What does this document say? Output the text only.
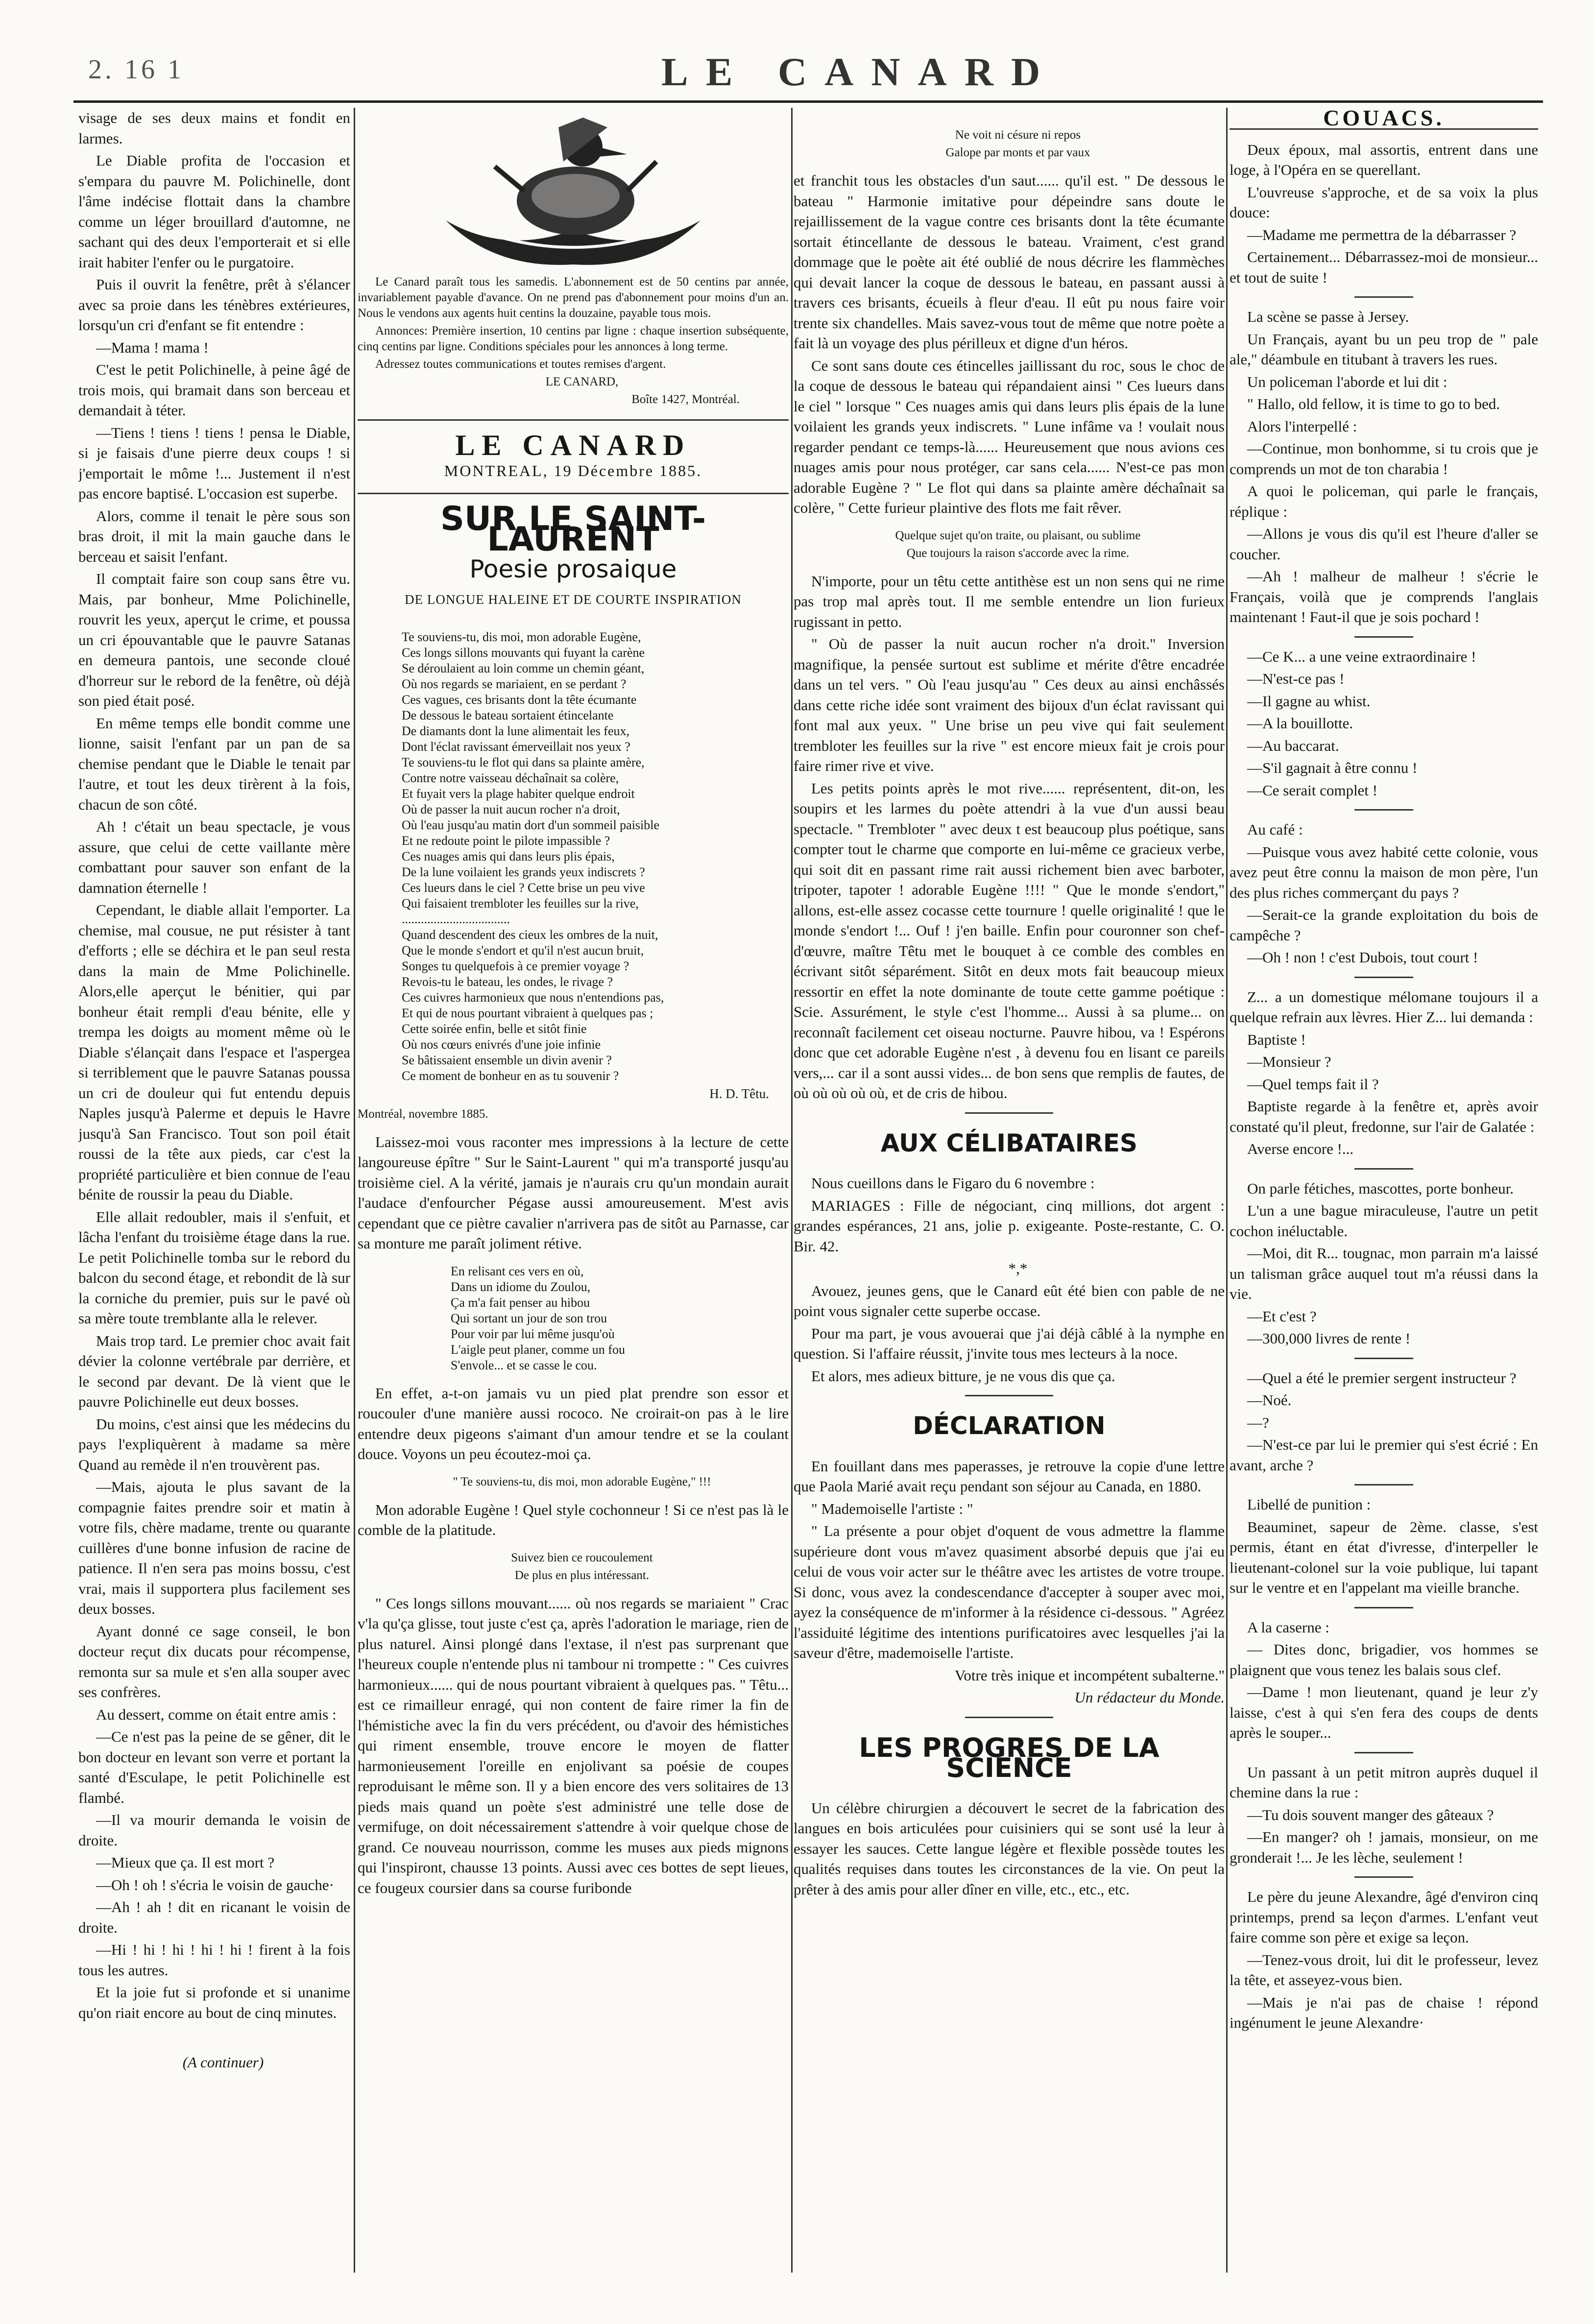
2. 16 1	LE CANARD

visage de ses deux mains et fondit en larmes.

Le Diable profita de l'occasion et s'empara du pauvre M. Polichinelle, dont l'âme indécise flottait dans la chambre comme un léger brouillard d'automne, ne sachant qui des deux l'emporterait et si elle irait habiter l'enfer ou le purgatoire.

Puis il ouvrit la fenêtre, prêt à s'élancer avec sa proie dans les ténèbres extérieures, lorsqu'un cri d'enfant se fit entendre :

—Mama ! mama !

C'est le petit Polichinelle, à peine âgé de trois mois, qui bramait dans son berceau et demandait à téter.

—Tiens ! tiens ! tiens ! pensa le Diable, si je faisais d'une pierre deux coups ! si j'emportait le môme !... Justement il n'est pas encore baptisé. L'occasion est superbe.

Alors, comme il tenait le père sous son bras droit, il mit la main gauche dans le berceau et saisit l'enfant.

Il comptait faire son coup sans être vu. Mais, par bonheur, Mme Polichinelle, rouvrit les yeux, aperçut le crime, et poussa un cri épouvantable que le pauvre Satanas en demeura pantois, une seconde cloué d'horreur sur le rebord de la fenêtre, où déjà son pied était posé.

En même temps elle bondit comme une lionne, saisit l'enfant par un pan de sa chemise pendant que le Diable le tenait par l'autre, et tout les deux tirèrent à la fois, chacun de son côté.

Ah ! c'était un beau spectacle, je vous assure, que celui de cette vaillante mère combattant pour sauver son enfant de la damnation éternelle !

Cependant, le diable allait l'emporter. La chemise, mal cousue, ne put résister à tant d'efforts ; elle se déchira et le pan seul resta dans la main de Mme Polichinelle. Alors,elle aperçut le bénitier, qui par bonheur était rempli d'eau bénite, elle y trempa les doigts au moment même où le Diable s'élançait dans l'espace et l'aspergea si terriblement que le pauvre Satanas poussa un cri de douleur qui fut entendu depuis Naples jusqu'à Palerme et depuis le Havre jusqu'à San Francisco. Tout son poil était roussi de la tête aux pieds, car c'est la propriété particulière et bien connue de l'eau bénite de roussir la peau du Diable.

Elle allait redoubler, mais il s'enfuit, et lâcha l'enfant du troisième étage dans la rue. Le petit Polichinelle tomba sur le rebord du balcon du second étage, et rebondit de là sur la corniche du premier, puis sur le pavé où sa mère toute tremblante alla le relever.

Mais trop tard. Le premier choc avait fait dévier la colonne vertébrale par derrière, et le second par devant. De là vient que le pauvre Polichinelle eut deux bosses.

Du moins, c'est ainsi que les médecins du pays l'expliquèrent à madame sa mère Quand au remède il n'en trouvèrent pas.

—Mais, ajouta le plus savant de la compagnie faites prendre soir et matin à votre fils, chère madame, trente ou quarante cuillères d'une bonne infusion de racine de patience. Il n'en sera pas moins bossu, c'est vrai, mais il supportera plus facilement ses deux bosses.

Ayant donné ce sage conseil, le bon docteur reçut dix ducats pour récompense, remonta sur sa mule et s'en alla souper avec ses confrères.

Au dessert, comme on était entre amis :

—Ce n'est pas la peine de se gêner, dit le bon docteur en levant son verre et portant la santé d'Esculape, le petit Polichinelle est flambé.

—Il va mourir demanda le voisin de droite.

—Mieux que ça. Il est mort ?

—Oh ! oh ! s'écria le voisin de gauche·

—Ah ! ah ! dit en ricanant le voisin de droite.

—Hi ! hi ! hi ! hi ! hi ! firent à la fois tous les autres.

Et la joie fut si profonde et si unanime qu'on riait encore au bout de cinq minutes.

(A continuer)

Le Canard paraît tous les samedis. L'abonnement est de 50 centins par année, invariablement payable d'avance. On ne prend pas d'abonnement pour moins d'un an. Nous le vendons aux agents huit centins la douzaine, payable tous mois.

Annonces: Première insertion, 10 centins par ligne : chaque insertion subséquente, cinq centins par ligne. Conditions spéciales pour les annonces à long terme.

Adressez toutes communications et toutes remises d'argent.

LE CANARD,

Boîte 1427, Montréal.

LE CANARD
MONTREAL, 19 Décembre 1885.
SUR LE SAINT-LAURENT
Poesie prosaique
DE LONGUE HALEINE ET DE COURTE INSPIRATION
Te souviens-tu, dis moi, mon adorable Eugène,
Ces longs sillons mouvants qui fuyant la carène
Se déroulaient au loin comme un chemin géant,
Où nos regards se mariaient, en se perdant ?
Ces vagues, ces brisants dont la tête écumante
De dessous le bateau sortaient étincelante
De diamants dont la lune alimentait les feux,
Dont l'éclat ravissant émerveillait nos yeux ?
Te souviens-tu le flot qui dans sa plainte amère,
Contre notre vaisseau déchaînait sa colère,
Et fuyait vers la plage habiter quelque endroit
Où de passer la nuit aucun rocher n'a droit,
Où l'eau jusqu'au matin dort d'un sommeil paisible
Et ne redoute point le pilote impassible ?
Ces nuages amis qui dans leurs plis épais,
De la lune voilaient les grands yeux indiscrets ?
Ces lueurs dans le ciel ? Cette brise un peu vive
Qui faisaient trembloter les feuilles sur la rive,
..................................
Quand descendent des cieux les ombres de la nuit,
Que le monde s'endort et qu'il n'est aucun bruit,
Songes tu quelquefois à ce premier voyage ?
Revois-tu le bateau, les ondes, le rivage ?
Ces cuivres harmonieux que nous n'entendions pas,
Et qui de nous pourtant vibraient à quelques pas ;
Cette soirée enfin, belle et sitôt finie
Où nos cœurs enivrés d'une joie infinie
Se bâtissaient ensemble un divin avenir ?
Ce moment de bonheur en as tu souvenir ?

H. D. Têtu.

Montréal, novembre 1885.

Laissez-moi vous raconter mes impressions à la lecture de cette langoureuse épître " Sur le Saint-Laurent " qui m'a transporté jusqu'au troisième ciel. A la vérité, jamais je n'aurais cru qu'un mondain aurait l'audace d'enfourcher Pégase aussi amoureusement. M'est avis cependant que ce piètre cavalier n'arrivera pas de sitôt au Parnasse, car sa monture me paraît joliment rétive.

En relisant ces vers en où,
Dans un idiome du Zoulou,
Ça m'a fait penser au hibou
Qui sortant un jour de son trou
Pour voir par lui même jusqu'où
L'aigle peut planer, comme un fou
S'envole... et se casse le cou.

En effet, a-t-on jamais vu un pied plat prendre son essor et roucouler d'une manière aussi rococo. Ne croirait-on pas à le lire entendre deux pigeons s'aimant d'un amour tendre et se la coulant douce. Voyons un peu écoutez-moi ça.

" Te souviens-tu, dis moi, mon adorable Eugène," !!!

Mon adorable Eugène ! Quel style cochonneur ! Si ce n'est pas là le comble de la platitude.

Suivez bien ce roucoulement

De plus en plus intéressant.

" Ces longs sillons mouvant...... où nos regards se mariaient " Crac v'la qu'ça glisse, tout juste c'est ça, après l'adoration le mariage, rien de plus naturel. Ainsi plongé dans l'extase, il n'est pas surprenant que l'heureux couple n'entende plus ni tambour ni trompette : " Ces cuivres harmonieux...... qui de nous pourtant vibraient à quelques pas. " Têtu... est ce rimailleur enragé, qui non content de faire rimer la fin de l'hémistiche avec la fin du vers précédent, ou d'avoir des hémistiches qui riment ensemble, trouve encore le moyen de flatter harmonieusement l'oreille en enjolivant sa poésie de coupes reproduisant le même son. Il y a bien encore des vers solitaires de 13 pieds mais quand un poète s'est administré une telle dose de vermifuge, on doit nécessairement s'attendre à voir quelque chose de grand. Ce nouveau nourrisson, comme les muses aux pieds mignons qui l'inspiront, chausse 13 points. Aussi avec ces bottes de sept lieues, ce fougeux coursier dans sa course furibonde

Ne voit ni césure ni repos

Galope par monts et par vaux

et franchit tous les obstacles d'un saut...... qu'il est. " De dessous le bateau " Harmonie imitative pour dépeindre sans doute le rejaillissement de la vague contre ces brisants dont la tête écumante sortait étincellante de dessous le bateau. Vraiment, c'est grand dommage que le poète ait été oublié de nous décrire les flammèches qui devait lancer la coque de dessous le bateau, en passant aussi à travers ces brisants, écueils à fleur d'eau. Il eût pu nous faire voir trente six chandelles. Mais savez-vous tout de même que notre poète a fait là un voyage des plus périlleux et digne d'un héros.

Ce sont sans doute ces étincelles jaillissant du roc, sous le choc de la coque de dessous le bateau qui répandaient ainsi " Ces lueurs dans le ciel " lorsque " Ces nuages amis qui dans leurs plis épais de la lune voilaient les grands yeux indiscrets. " Lune infâme va ! voulait nous regarder pendant ce temps-là...... Heureusement que nous avions ces nuages amis pour nous protéger, car sans cela...... N'est-ce pas mon adorable Eugène ? " Le flot qui dans sa plainte amère déchaînait sa colère, " Cette furieur plaintive des flots me fait rêver.

Quelque sujet qu'on traite, ou plaisant, ou sublime

Que toujours la raison s'accorde avec la rime.

N'importe, pour un têtu cette antithèse est un non sens qui ne rime pas trop mal après tout. Il me semble entendre un lion furieux rugissant in petto.

" Où de passer la nuit aucun rocher n'a droit." Inversion magnifique, la pensée surtout est sublime et mérite d'être encadrée dans un tel vers. " Où l'eau jusqu'au " Ces deux au ainsi enchâssés dans cette riche idée sont vraiment des bijoux d'un éclat ravissant qui font mal aux yeux. " Une brise un peu vive qui fait seulement trembloter les feuilles sur la rive " est encore mieux fait je crois pour faire rimer rive et vive.

Les petits points après le mot rive...... représentent, dit-on, les soupirs et les larmes du poète attendri à la vue d'un aussi beau spectacle. " Trembloter " avec deux t est beaucoup plus poétique, sans compter tout le charme que comporte en lui-même ce gracieux verbe, qui soit dit en passant rime rait aussi richement bien avec barboter, tripoter, tapoter ! adorable Eugène !!!! " Que le monde s'endort," allons, est-elle assez cocasse cette tournure ! quelle originalité ! que le monde s'endort !... Ouf ! j'en baille. Enfin pour couronner son chef-d'œuvre, maître Têtu met le bouquet à ce comble des combles en écrivant sitôt séparément. Sitôt en deux mots fait beaucoup mieux ressortir en effet la note dominante de toute cette gamme poétique : Scie. Assurément, le style c'est l'homme... Aussi à sa plume... on reconnaît facilement cet oiseau nocturne. Pauvre hibou, va ! Espérons donc que cet adorable Eugène n'est , à devenu fou en lisant ce pareils vers,... car il a sont aussi vides... de bon sens que remplis de fautes, de où où où où où, et de cris de hibou.

AUX CÉLIBATAIRES

Nous cueillons dans le Figaro du 6 novembre :

MARIAGES : Fille de négociant, cinq millions, dot argent : grandes espérances, 21 ans, jolie p. exigeante. Poste-restante, C. O. Bir. 42.

*,*

Avouez, jeunes gens, que le Canard eût été bien con pable de ne point vous signaler cette superbe occase.

Pour ma part, je vous avouerai que j'ai déjà câblé à la nymphe en question. Si l'affaire réussit, j'invite tous mes lecteurs à la noce.

Et alors, mes adieux bitture, je ne vous dis que ça.

DÉCLARATION

En fouillant dans mes paperasses, je retrouve la copie d'une lettre que Paola Marié avait reçu pendant son séjour au Canada, en 1880.

" Mademoiselle l'artiste : "

" La présente a pour objet d'oquent de vous admettre la flamme supérieure dont vous m'avez quasiment absorbé depuis que j'ai eu celui de vous voir acter sur le théâtre avec les artistes de votre troupe. Si donc, vous avez la condescendance d'accepter à souper avec moi, ayez la conséquence de m'informer à la résidence ci-dessous. " Agréez l'assiduité légitime des intentions purificatoires avec lesquelles j'ai la saveur d'être, mademoiselle l'artiste.

Votre très inique et incompétent subalterne."

Un rédacteur du Monde.

LES PROGRES DE LA SCIENCE

Un célèbre chirurgien a découvert le secret de la fabrication des langues en bois articulées pour cuisiniers qui se sont usé la leur à essayer les sauces. Cette langue légère et flexible possède toutes les qualités requises dans toutes les circonstances de la vie. On peut la prêter à des amis pour aller dîner en ville, etc., etc., etc.

COUACS.

Deux époux, mal assortis, entrent dans une loge, à l'Opéra en se querellant.

L'ouvreuse s'approche, et de sa voix la plus douce:

—Madame me permettra de la débarrasser ?

Certainement... Débarrassez-moi de monsieur... et tout de suite !

La scène se passe à Jersey.

Un Français, ayant bu un peu trop de " pale ale," déambule en titubant à travers les rues.

Un policeman l'aborde et lui dit :

" Hallo, old fellow, it is time to go to bed.

Alors l'interpellé :

—Continue, mon bonhomme, si tu crois que je comprends un mot de ton charabia !

A quoi le policeman, qui parle le français, réplique :

—Allons je vous dis qu'il est l'heure d'aller se coucher.

—Ah ! malheur de malheur ! s'écrie le Français, voilà que je comprends l'anglais maintenant ! Faut-il que je sois pochard !

—Ce K... a une veine extraordinaire !

—N'est-ce pas !

—Il gagne au whist.

—A la bouillotte.

—Au baccarat.

—S'il gagnait à être connu !

—Ce serait complet !

Au café :

—Puisque vous avez habité cette colonie, vous avez peut être connu la maison de mon père, l'un des plus riches commerçant du pays ?

—Serait-ce la grande exploitation du bois de campêche ?

—Oh ! non ! c'est Dubois, tout court !

Z... a un domestique mélomane toujours il a quelque refrain aux lèvres. Hier Z... lui demanda :

Baptiste !

—Monsieur ?

—Quel temps fait il ?

Baptiste regarde à la fenêtre et, après avoir constaté qu'il pleut, fredonne, sur l'air de Galatée :

Averse encore !...

On parle fétiches, mascottes, porte bonheur.

L'un a une bague miraculeuse, l'autre un petit cochon inéluctable.

—Moi, dit R... tougnac, mon parrain m'a laissé un talisman grâce auquel tout m'a réussi dans la vie.

—Et c'est ?

—300,000 livres de rente !

—Quel a été le premier sergent instructeur ?

—Noé.

—?

—N'est-ce par lui le premier qui s'est écrié : En avant, arche ?

Libellé de punition :

Beauminet, sapeur de 2ème. classe, s'est permis, étant en état d'ivresse, d'interpeller le lieutenant-colonel sur la voie publique, lui tapant sur le ventre et en l'appelant ma vieille branche.

A la caserne :

— Dites donc, brigadier, vos hommes se plaignent que vous tenez les balais sous clef.

—Dame ! mon lieutenant, quand je leur z'y laisse, c'est à qui s'en fera des coups de dents après le souper...

Un passant à un petit mitron auprès duquel il chemine dans la rue :

—Tu dois souvent manger des gâteaux ?

—En manger? oh ! jamais, monsieur, on me gronderait !... Je les lèche, seulement !

Le père du jeune Alexandre, âgé d'environ cinq printemps, prend sa leçon d'armes. L'enfant veut faire comme son père et exige sa leçon.

—Tenez-vous droit, lui dit le professeur, levez la tête, et asseyez-vous bien.

—Mais je n'ai pas de chaise ! répond ingénument le jeune Alexandre·
